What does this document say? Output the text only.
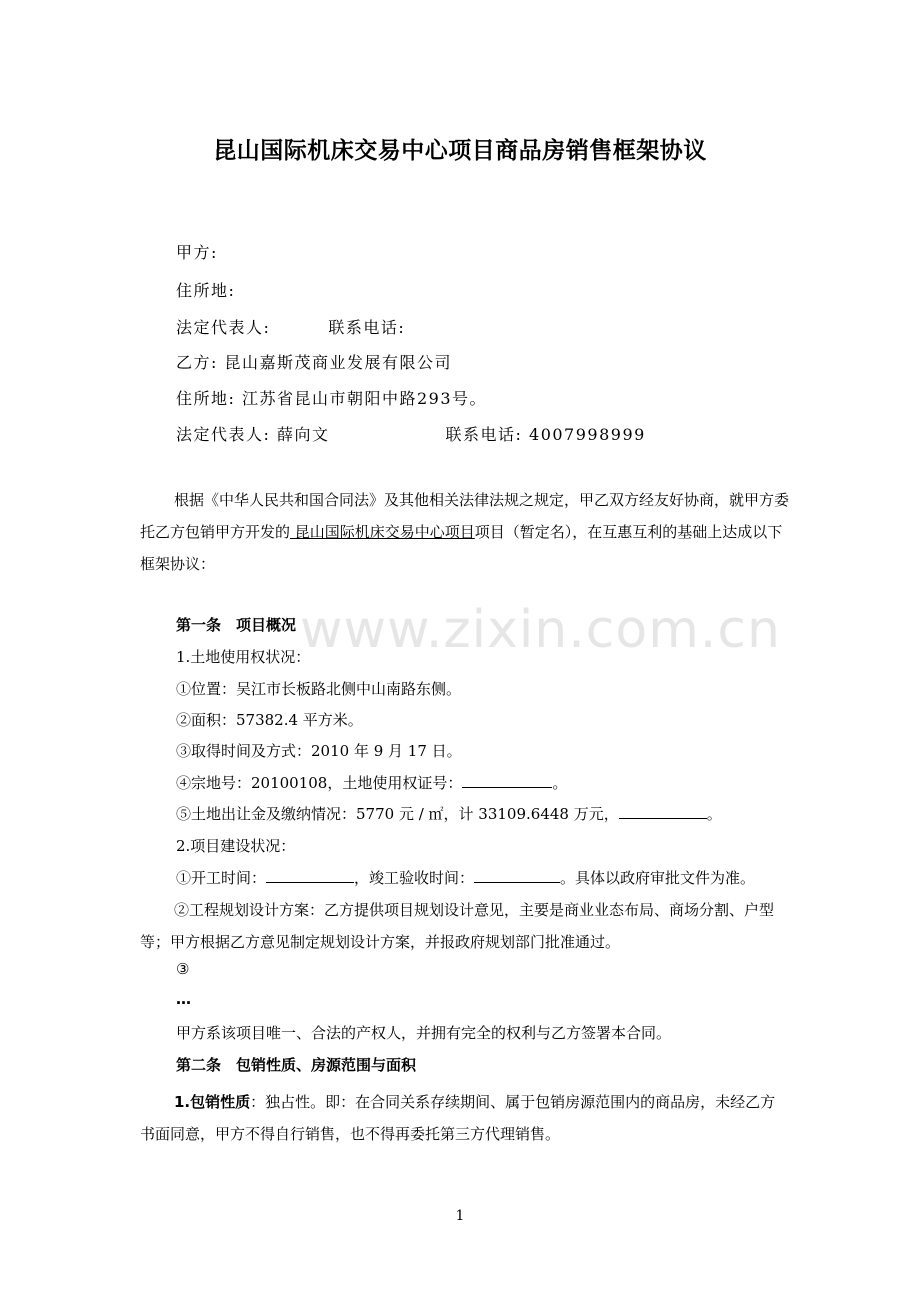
www.zixin.com.cn
昆山国际机床交易中心项目商品房销售框架协议
甲方:
住所地:
法定代表人:	联系电话:
乙方: 昆山嘉斯茂商业发展有限公司
住所地: 江苏省昆山市朝阳中路293号。
法定代表人: 薛向文	联系电话: 4007998999
根据《中华人民共和国合同法》及其他相关法律法规之规定，甲乙双方经友好协商，就甲方委托乙方包销甲方开发的 昆山国际机床交易中心项目项目（暂定名），在互惠互利的基础上达成以下框架协议：
第一条　项目概况
1.土地使用权状况：
①位置：吴江市长板路北侧中山南路东侧。
②面积：57382.4 平方米。
③取得时间及方式：2010 年 9 月 17 日。
④宗地号：20100108，土地使用权证号：	。
⑤土地出让金及缴纳情况：5770 元 / ㎡，计 33109.6448 万元，	。
2.项目建设状况：
①开工时间：	，竣工验收时间：	。具体以政府审批文件为准。
②工程规划设计方案：乙方提供项目规划设计意见，主要是商业业态布局、商场分割、户型等；甲方根据乙方意见制定规划设计方案，并报政府规划部门批准通过。
③
…
甲方系该项目唯一、合法的产权人，并拥有完全的权利与乙方签署本合同。
第二条　包销性质、房源范围与面积
1.包销性质：独占性。即：在合同关系存续期间、属于包销房源范围内的商品房，未经乙方书面同意，甲方不得自行销售，也不得再委托第三方代理销售。
1
